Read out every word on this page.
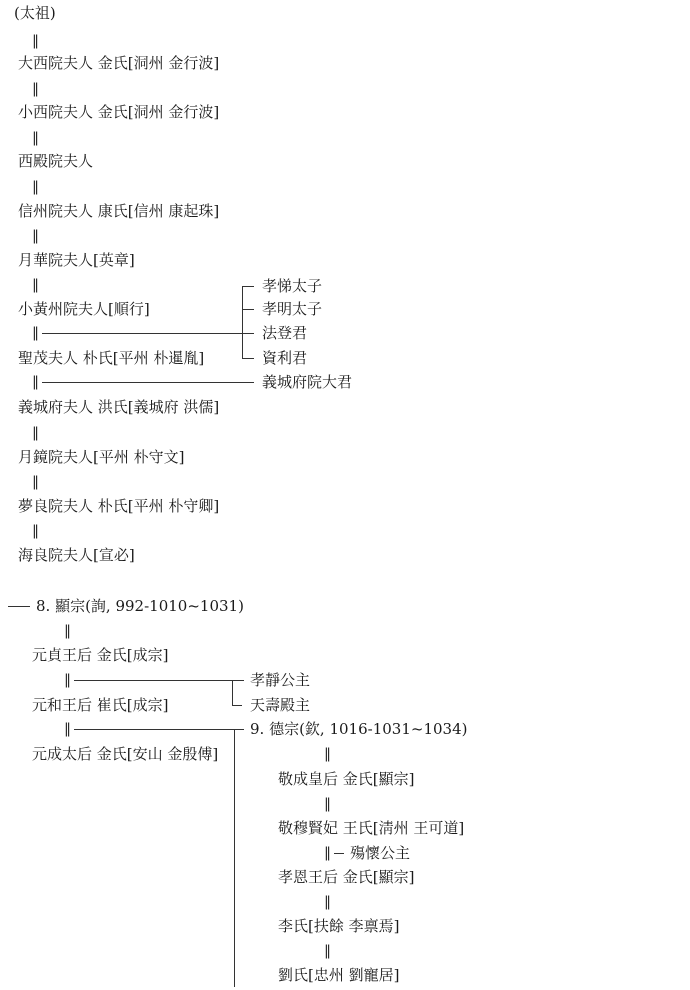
(太祖)
‖
大西院夫人 金氏[洞州 金行波]
‖
小西院夫人 金氏[洞州 金行波]
‖
西殿院夫人
‖
信州院夫人 康氏[信州 康起珠]
‖
月華院夫人[英章]
‖
小黃州院夫人[順行]
‖
孝悌太子
孝明太子
法登君
資利君
聖茂夫人 朴氏[平州 朴暹胤]
‖	義城府院大君
義城府夫人 洪氏[義城府 洪儒]
‖
月鏡院夫人[平州 朴守文]
‖
夢良院夫人 朴氏[平州 朴守卿]
‖
海良院夫人[宣必]
8. 顯宗(詢, 992-1010~1031)
‖
元貞王后 金氏[成宗]
‖	孝靜公主
天壽殿主
元和王后 崔氏[成宗]
‖
元成太后 金氏[安山 金殷傅]
9. 德宗(欽, 1016-1031~1034)
‖
敬成皇后 金氏[顯宗]
‖
敬穆賢妃 王氏[淸州 王可道]
‖ 殤懷公主
孝恩王后 金氏[顯宗]
‖
李氏[扶餘 李禀焉]
‖
劉氏[忠州 劉寵居]
